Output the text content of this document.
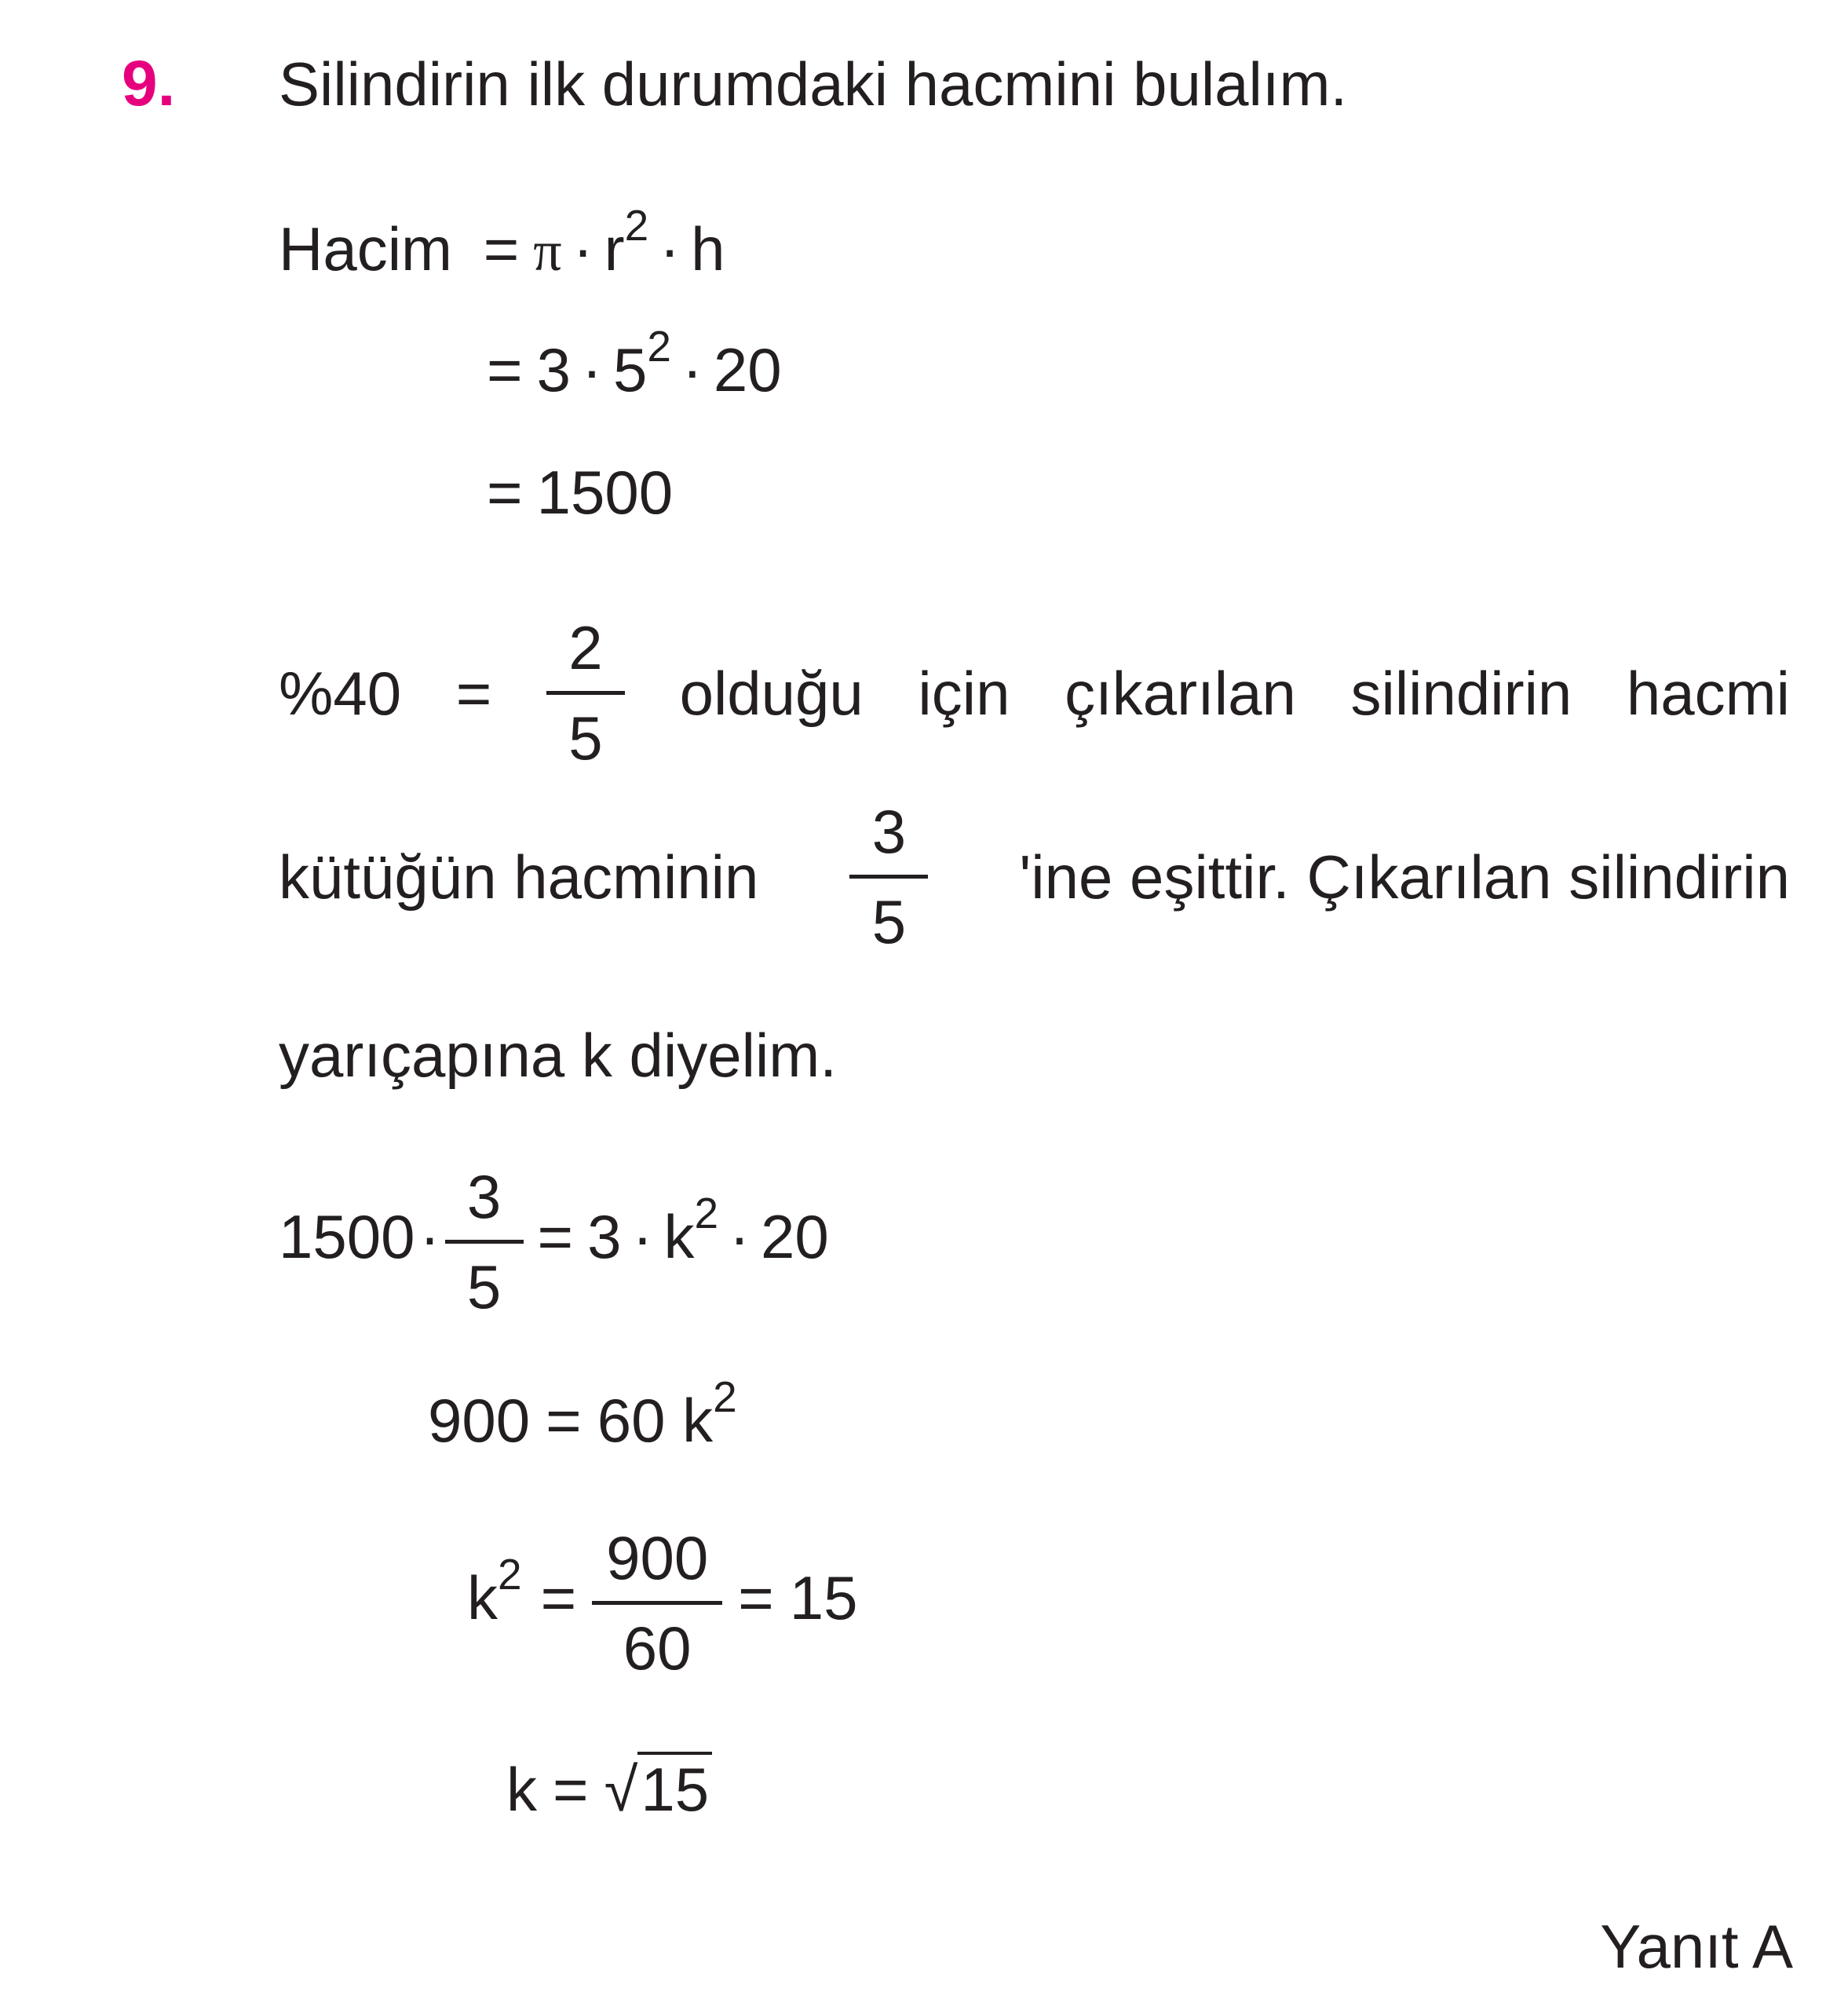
9. Silindirin ilk durumdaki hacmini bulalım.
Hacim = $\pi \cdot r^2 \cdot h$
= $3 \cdot 5^2 \cdot 20$
= 1500
%40 =
2
5
olduğu için çıkarılan silindirin hacmi
kütüğün hacminin
3
5
'ine eşittir. Çıkarılan silindirin
yarıçapına k diyelim.
1500·
3
5
= $3 \cdot k^2 \cdot 20$
900 = 60 $k^2$
$k^2$ =
900
60
= 15
k = √15
Yanıt A
